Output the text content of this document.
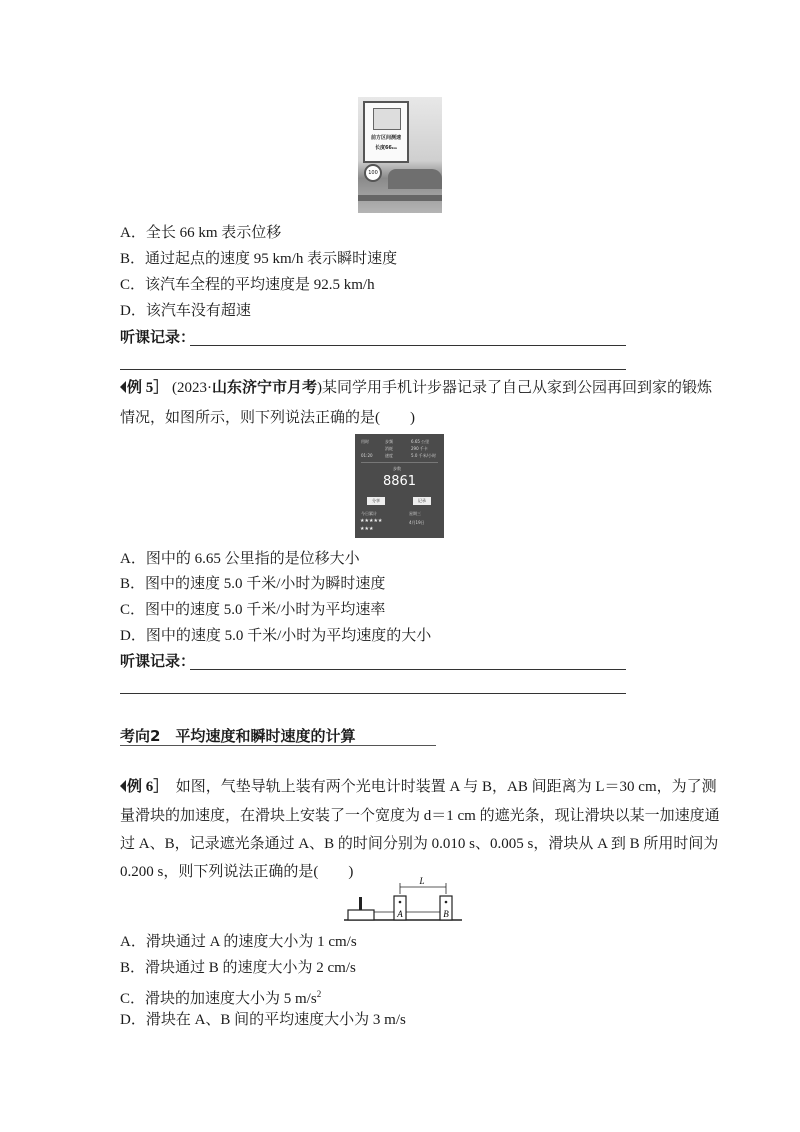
前方区间测速
长度66km
100
A．全长 66 km 表示位移
B．通过起点的速度 95 km/h 表示瞬时速度
C．该汽车全程的平均速度是 92.5 km/h
D．该汽车没有超速
听课记录：
例 5］ (2023·山东济宁市月考)某同学用手机计步器记录了自己从家到公园再回到家的锻炼
情况，如图所示，则下列说法正确的是(　　)
用时	步频	6.65 公里
消耗	290 千卡
01:20	速度	5.0 千米/小时
步数
8861
分享	记录
今日累计	星期三
★★★★★
★★★
4月19日
A．图中的 6.65 公里指的是位移大小
B．图中的速度 5.0 千米/小时为瞬时速度
C．图中的速度 5.0 千米/小时为平均速率
D．图中的速度 5.0 千米/小时为平均速度的大小
听课记录：
考向2　平均速度和瞬时速度的计算
例 6］　 如图，气垫导轨上装有两个光电计时装置 A 与 B，AB 间距离为 L＝30 cm，为了测
量滑块的加速度，在滑块上安装了一个宽度为 d＝1 cm 的遮光条，现让滑块以某一加速度通
过 A、B，记录遮光条通过 A、B 的时间分别为 0.010 s、0.005 s，滑块从 A 到 B 所用时间为
0.200 s，则下列说法正确的是(　　)
L
A	B
A．滑块通过 A 的速度大小为 1 cm/s
B．滑块通过 B 的速度大小为 2 cm/s
C．滑块的加速度大小为 5 $m/s^2$
D．滑块在 A、B 间的平均速度大小为 3 m/s
